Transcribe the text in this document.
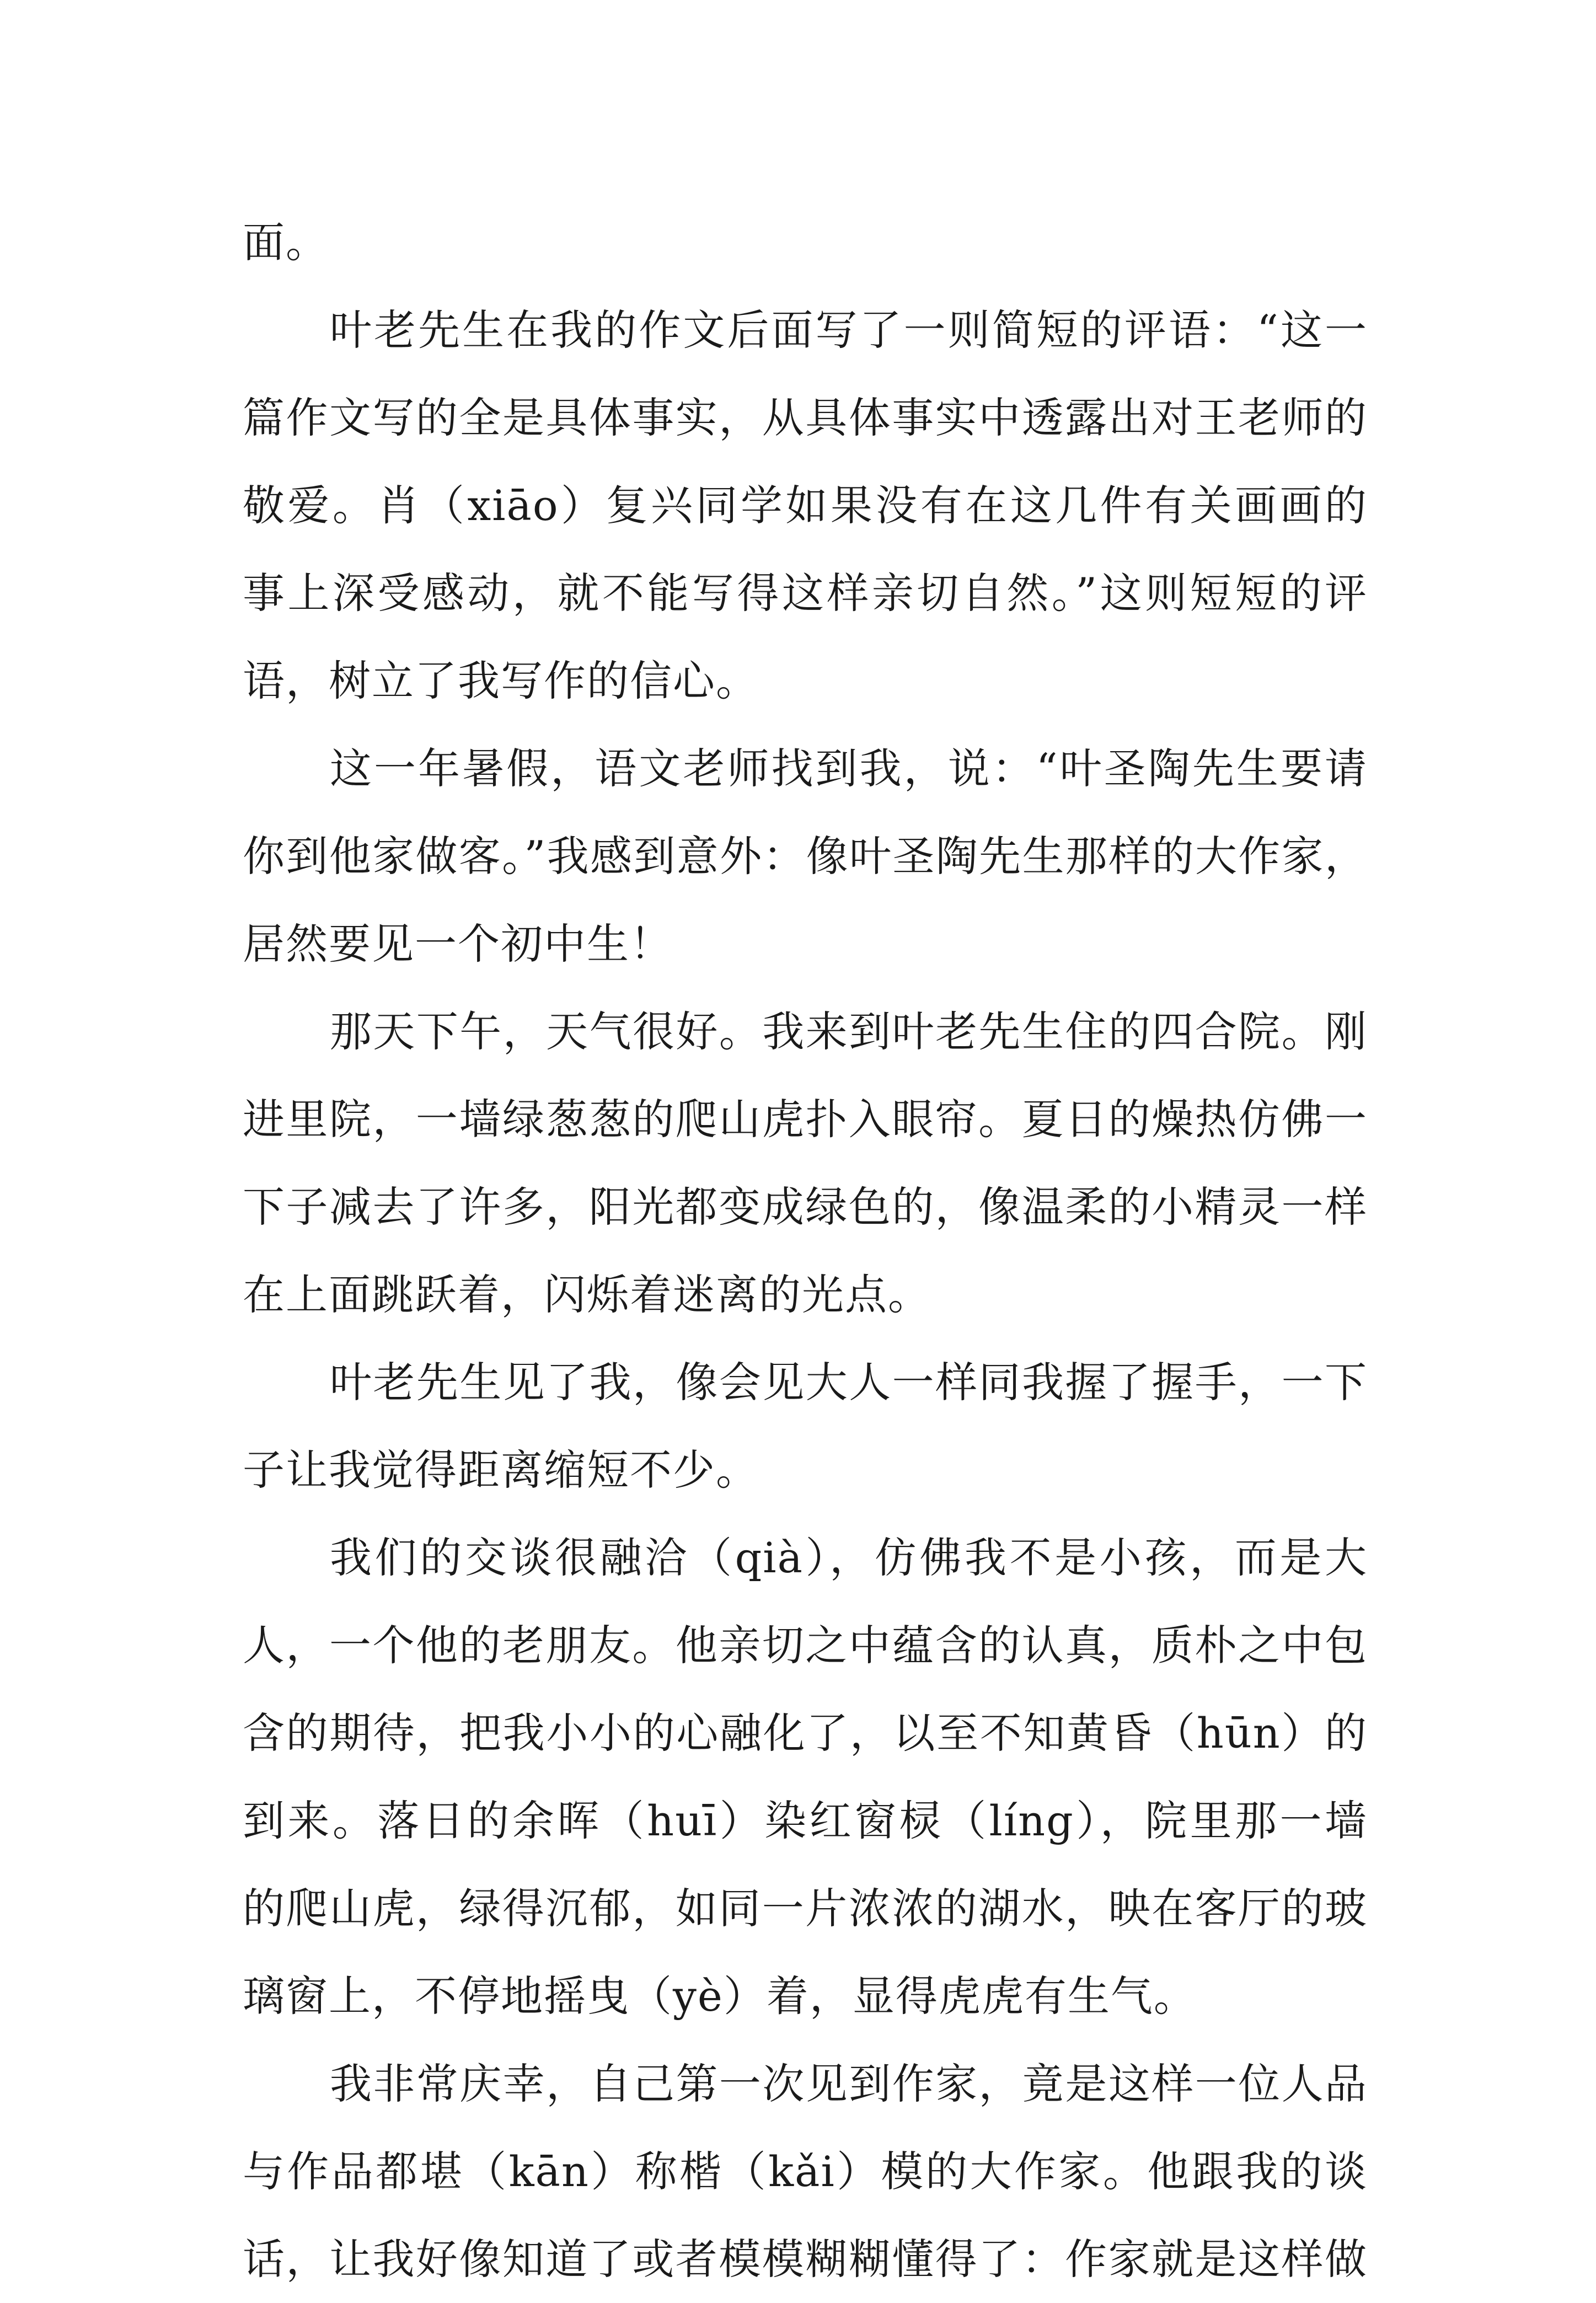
面。
叶老先生在我的作文后面写了一则简短的评语：“这一
篇作文写的全是具体事实，从具体事实中透露出对王老师的
敬爱。肖（xiāo）复兴同学如果没有在这几件有关画画的
事上深受感动，就不能写得这样亲切自然。”这则短短的评
语，树立了我写作的信心。
这一年暑假，语文老师找到我，说：“叶圣陶先生要请
你到他家做客。”我感到意外：像叶圣陶先生那样的大作家，
居然要见一个初中生！
那天下午，天气很好。我来到叶老先生住的四合院。刚
进里院，一墙绿葱葱的爬山虎扑入眼帘。夏日的燥热仿佛一
下子减去了许多，阳光都变成绿色的，像温柔的小精灵一样
在上面跳跃着，闪烁着迷离的光点。
叶老先生见了我，像会见大人一样同我握了握手，一下
子让我觉得距离缩短不少。
我们的交谈很融洽（qià），仿佛我不是小孩，而是大
人，一个他的老朋友。他亲切之中蕴含的认真，质朴之中包
含的期待，把我小小的心融化了，以至不知黄昏（hūn）的
到来。落日的余晖（huī）染红窗棂（líng），院里那一墙
的爬山虎，绿得沉郁，如同一片浓浓的湖水，映在客厅的玻
璃窗上，不停地摇曳（yè）着，显得虎虎有生气。
我非常庆幸，自己第一次见到作家，竟是这样一位人品
与作品都堪（kān）称楷（kǎi）模的大作家。他跟我的谈
话，让我好像知道了或者模模糊糊懂得了：作家就是这样做
